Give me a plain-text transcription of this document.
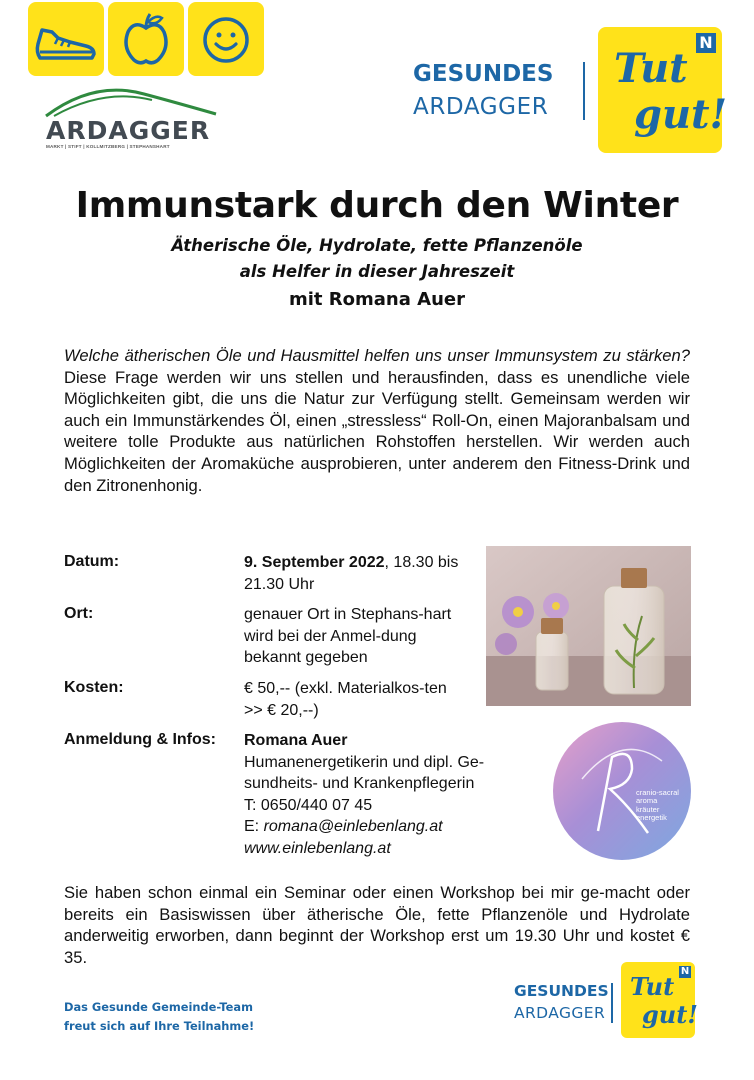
ARDAGGER
MARKT | STIFT | KOLLMITZBERG | STEPHANSHART
GESUNDES
ARDAGGER
N
Tut
gut!
Immunstark durch den Winter
Ätherische Öle, Hydrolate, fette Pflanzenöle
als Helfer in dieser Jahreszeit
mit Romana Auer
Welche ätherischen Öle und Hausmittel helfen uns unser Immunsystem zu stärken? Diese Frage werden wir uns stellen und herausfinden, dass es unendliche viele Möglichkeiten gibt, die uns die Natur zur Verfügung stellt. Gemeinsam werden wir auch ein Immunstärkendes Öl, einen „stressless“ Roll-On, einen Majoranbalsam und weitere tolle Produkte aus natürlichen Rohstoffen herstellen. Wir werden auch Möglichkeiten der Aromaküche ausprobieren, unter anderem den Fitness-Drink und den Zitronenhonig.
Datum:	9. September 2022, 18.30 bis 21.30 Uhr
Ort:	genauer Ort in Stephans-hart wird bei der Anmel-dung bekannt gegeben
Kosten:	€ 50,-- (exkl. Materialkos-ten >> € 20,--)
Anmeldung & Infos: Romana Auer
Humanenergetikerin und dipl. Ge-sundheits- und Krankenpflegerin
T: 0650/440 07 45
E: romana@einlebenlang.at
www.einlebenlang.at
cranio-sacral
aroma
kräuter
energetik
Sie haben schon einmal ein Seminar oder einen Workshop bei mir ge-macht oder bereits ein Basiswissen über ätherische Öle, fette Pflanzenöle und Hydrolate anderweitig erworben, dann beginnt der Workshop erst um 19.30 Uhr und kostet € 35.
Das Gesunde Gemeinde-Team
freut sich auf Ihre Teilnahme!
GESUNDES
ARDAGGER
N
Tut
gut!
